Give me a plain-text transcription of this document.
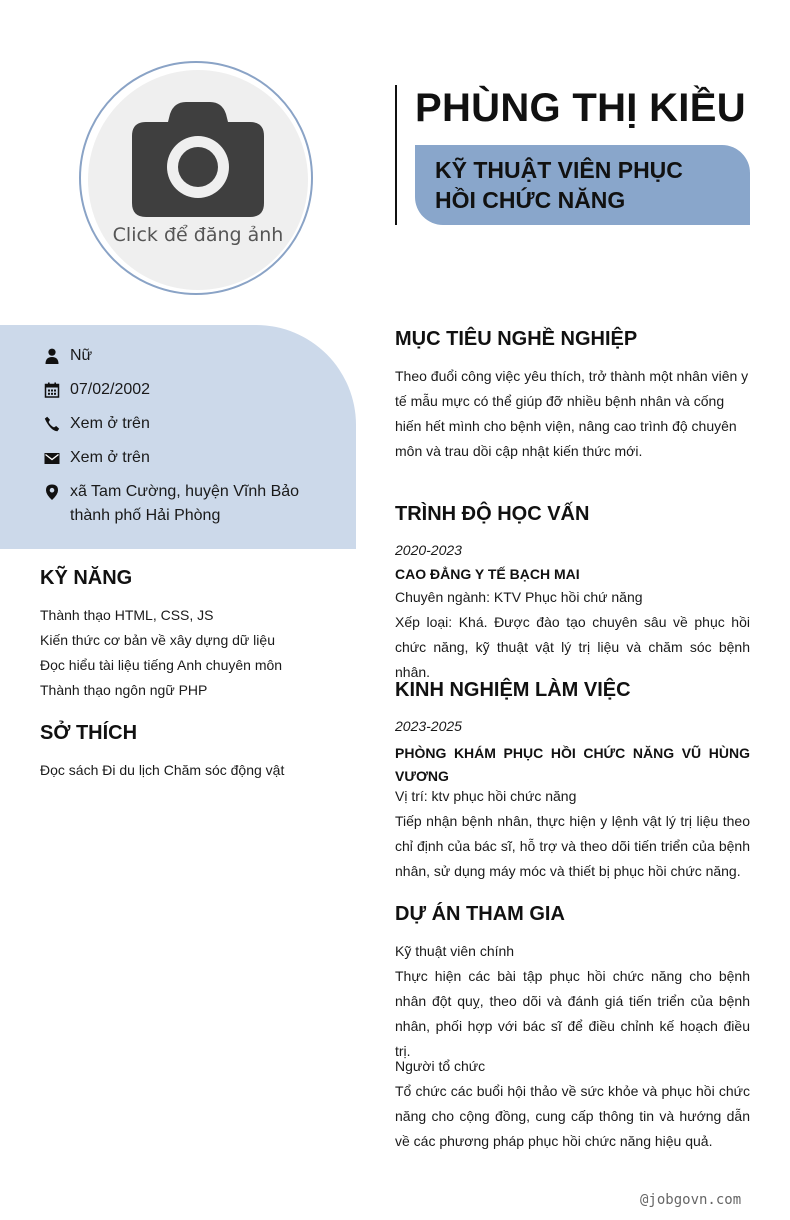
Click để đăng ảnh
PHÙNG THỊ KIỀU
KỸ THUẬT VIÊN PHỤC HỒI CHỨC NĂNG
Nữ
07/02/2002
Xem ở trên
Xem ở trên
xã Tam Cường, huyện Vĩnh Bảo
thành phố Hải Phòng
KỸ NĂNG
Thành thạo HTML, CSS, JS
Kiến thức cơ bản về xây dựng dữ liệu
Đọc hiểu tài liệu tiếng Anh chuyên môn
Thành thạo ngôn ngữ PHP
SỞ THÍCH
Đọc sách Đi du lịch Chăm sóc động vật
MỤC TIÊU NGHỀ NGHIỆP
Theo đuổi công việc yêu thích, trở thành một nhân viên y tế mẫu mực có thể giúp đỡ nhiều bệnh nhân và cống hiến hết mình cho bệnh viện, nâng cao trình độ chuyên môn và trau dồi cập nhật kiến thức mới.
TRÌNH ĐỘ HỌC VẤN
2020-2023
CAO ĐẲNG Y TẾ BẠCH MAI
Chuyên ngành: KTV Phục hồi chứ năng
Xếp loại: Khá. Được đào tạo chuyên sâu về phục hồi chức năng, kỹ thuật vật lý trị liệu và chăm sóc bệnh nhân.
KINH NGHIỆM LÀM VIỆC
2023-2025
PHÒNG KHÁM PHỤC HỒI CHỨC NĂNG VŨ HÙNG VƯƠNG
Vị trí: ktv phục hồi chức năng
Tiếp nhận bệnh nhân, thực hiện y lệnh vật lý trị liệu theo chỉ định của bác sĩ, hỗ trợ và theo dõi tiến triển của bệnh nhân, sử dụng máy móc và thiết bị phục hồi chức năng.
DỰ ÁN THAM GIA
Kỹ thuật viên chính
Thực hiện các bài tập phục hồi chức năng cho bệnh nhân đột quỵ, theo dõi và đánh giá tiến triển của bệnh nhân, phối hợp với bác sĩ để điều chỉnh kế hoạch điều trị.
Người tổ chức
Tổ chức các buổi hội thảo về sức khỏe và phục hồi chức năng cho cộng đồng, cung cấp thông tin và hướng dẫn về các phương pháp phục hồi chức năng hiệu quả.
@jobgovn.com
